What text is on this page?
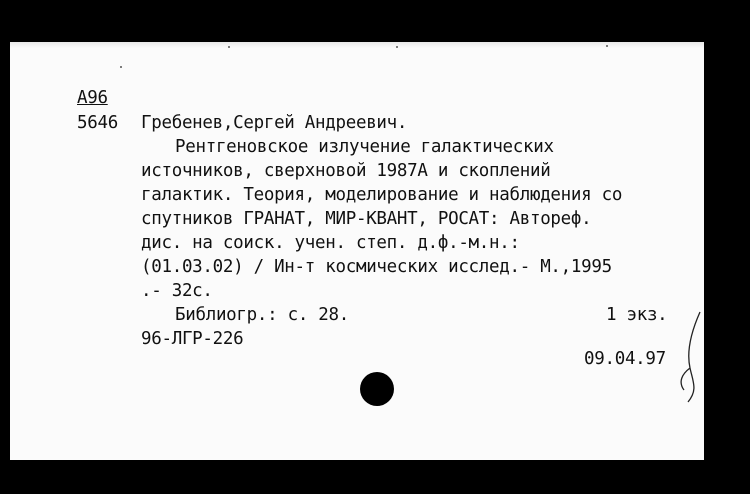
А96
5646 Гребенев,Сергей Андреевич.
Рентгеновское излучение галактических
источников, сверхновой 1987А и скоплений
галактик. Теория, моделирование и наблюдения со
спутников ГРАНАТ, МИР-КВАНТ, РОСАТ: Автореф.
дис. на соиск. учен. степ. д.ф.-м.н.:
(01.03.02) / Ин-т космических исслед.- М.,1995
.- 32с.
Библиогр.: с. 28.	1 экз.
96-ЛГР-226
09.04.97
